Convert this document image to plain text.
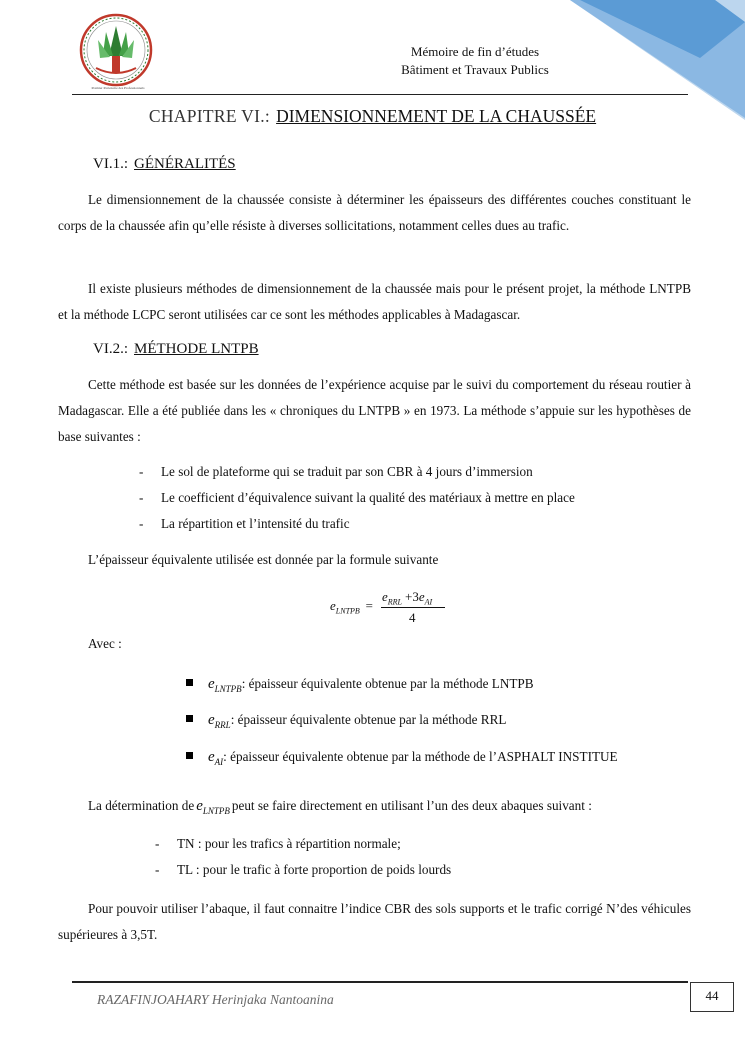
Premier Partenaire des Professionnels
Mémoire de fin d’études
Bâtiment et Travaux Publics
CHAPITRE VI.: DIMENSIONNEMENT DE LA CHAUSSÉE
VI.1.: GÉNÉRALITÉS
Le dimensionnement de la chaussée consiste à déterminer les épaisseurs des différentes couches constituant le corps de la chaussée afin qu’elle résiste à diverses sollicitations, notamment celles dues au trafic.
Il existe plusieurs méthodes de dimensionnement de la chaussée mais pour le présent projet, la méthode LNTPB et la méthode LCPC seront utilisées car ce sont les méthodes applicables à Madagascar.
VI.2.: MÉTHODE LNTPB
Cette méthode est basée sur les données de l’expérience acquise par le suivi du comportement du réseau routier à Madagascar. Elle a été publiée dans les « chroniques du LNTPB » en 1973. La méthode s’appuie sur les hypothèses de base suivantes :
- Le sol de plateforme qui se traduit par son CBR à 4 jours d’immersion
- Le coefficient d’équivalence suivant la qualité des matériaux à mettre en place
- La répartition et l’intensité du trafic
L’épaisseur équivalente utilisée est donnée par la formule suivante
$e_{LNTPB}$ =
$e_{RRL} +3e_{AI}$
4
Avec :
$e_{LNTPB}$ : épaisseur équivalente obtenue par la méthode LNTPB
$e_{RRL}$ : épaisseur équivalente obtenue par la méthode RRL
$e_{AI}$ : épaisseur équivalente obtenue par la méthode de l’ASPHALT INSTITUE
La détermination de $e_{LNTPB}$ peut se faire directement en utilisant l’un des deux abaques suivant :
- TN : pour les trafics à répartition normale;
- TL : pour le trafic à forte proportion de poids lourds
Pour pouvoir utiliser l’abaque, il faut connaitre l’indice CBR des sols supports et le trafic corrigé N’des véhicules supérieures à 3,5T.
RAZAFINJOAHARY Herinjaka Nantoanina	44
